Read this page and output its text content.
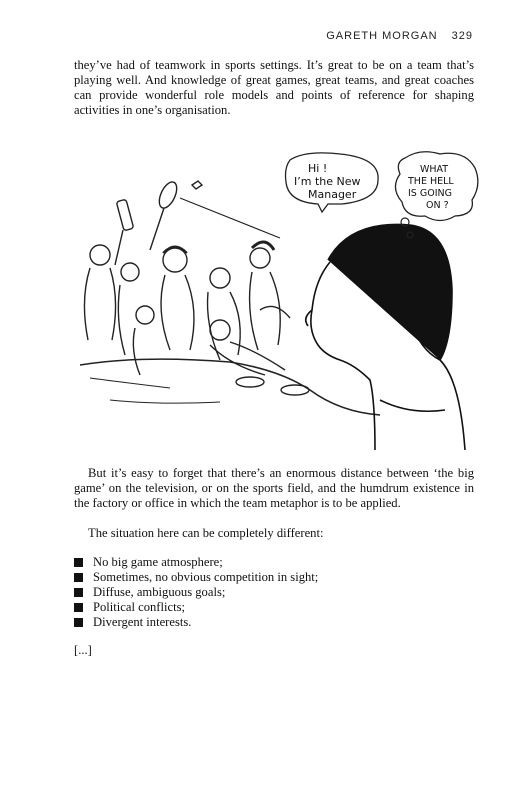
GARETH MORGAN 329

they’ve had of teamwork in sports settings. It’s great to be on a team that’s playing well. And knowledge of great games, great teams, and great coaches can provide wonderful role models and points of reference for shaping activities in one’s organisation.

Hi !
I’m the New
Manager
WHAT
THE HELL
IS GOING
ON ?

But it’s easy to forget that there’s an enormous distance between ‘the big game’ on the television, or on the sports field, and the humdrum existence in the factory or office in which the team metaphor is to be applied.

The situation here can be completely different:

No big game atmosphere;
Sometimes, no obvious competition in sight;
Diffuse, ambiguous goals;
Political conflicts;
Divergent interests.
[...]
